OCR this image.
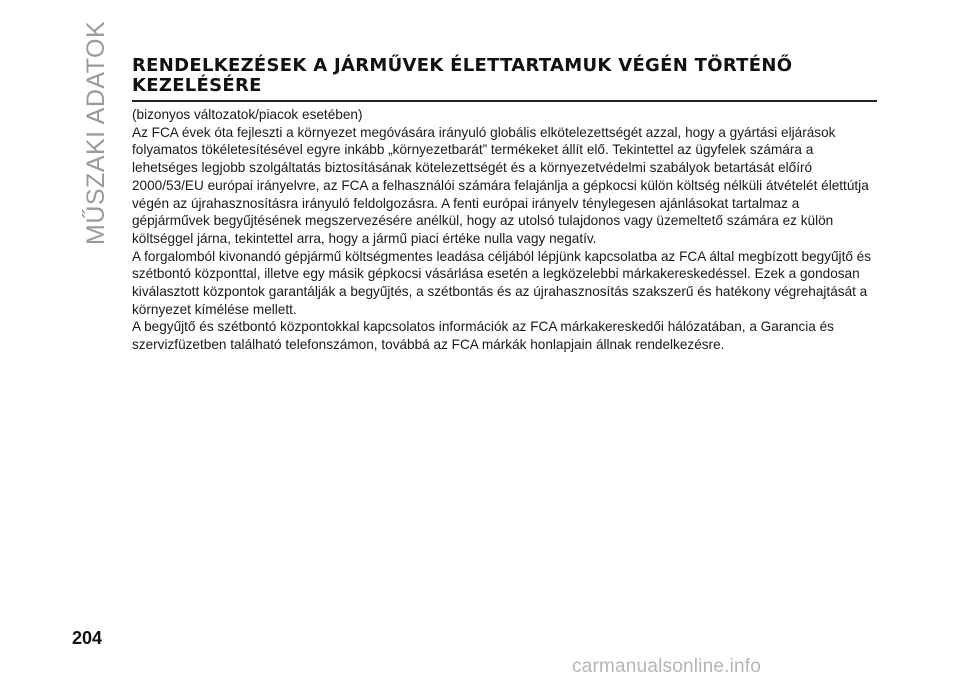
MŰSZAKI ADATOK RENDELKEZÉSEK A JÁRMŰVEK ÉLETTARTAMUK VÉGÉN TÖRTÉNŐ KEZELÉSÉRE

(bizonyos változatok/piacok esetében)

Az FCA évek óta fejleszti a környezet megóvására irányuló globális elkötelezettségét azzal, hogy a gyártási eljárások folyamatos tökéletesítésével egyre inkább „környezetbarát” termékeket állít elő. Tekintettel az ügyfelek számára a lehetséges legjobb szolgáltatás biztosításának kötelezettségét és a környezetvédelmi szabályok betartását előíró 2000/53/EU európai irányelvre, az FCA a felhasználói számára felajánlja a gépkocsi külön költség nélküli átvételét élettútja végén az újrahasznosításra irányuló feldolgozásra. A fenti európai irányelv ténylegesen ajánlásokat tartalmaz a gépjárművek begyűjtésének megszervezésére anélkül, hogy az utolsó tulajdonos vagy üzemeltető számára ez külön költséggel járna, tekintettel arra, hogy a jármű piaci értéke nulla vagy negatív.

A forgalomból kivonandó gépjármű költségmentes leadása céljából lépjünk kapcsolatba az FCA által megbízott begyűjtő és szétbontó központtal, illetve egy másik gépkocsi vásárlása esetén a legközelebbi márkakereskedéssel. Ezek a gondosan kiválasztott központok garantálják a begyűjtés, a szétbontás és az újrahasznosítás szakszerű és hatékony végrehajtását a környezet kímélése mellett.

A begyűjtő és szétbontó központokkal kapcsolatos információk az FCA márkakereskedői hálózatában, a Garancia és szervizfüzetben található telefonszámon, továbbá az FCA márkák honlapjain állnak rendelkezésre.

204
carmanualsonline.info
